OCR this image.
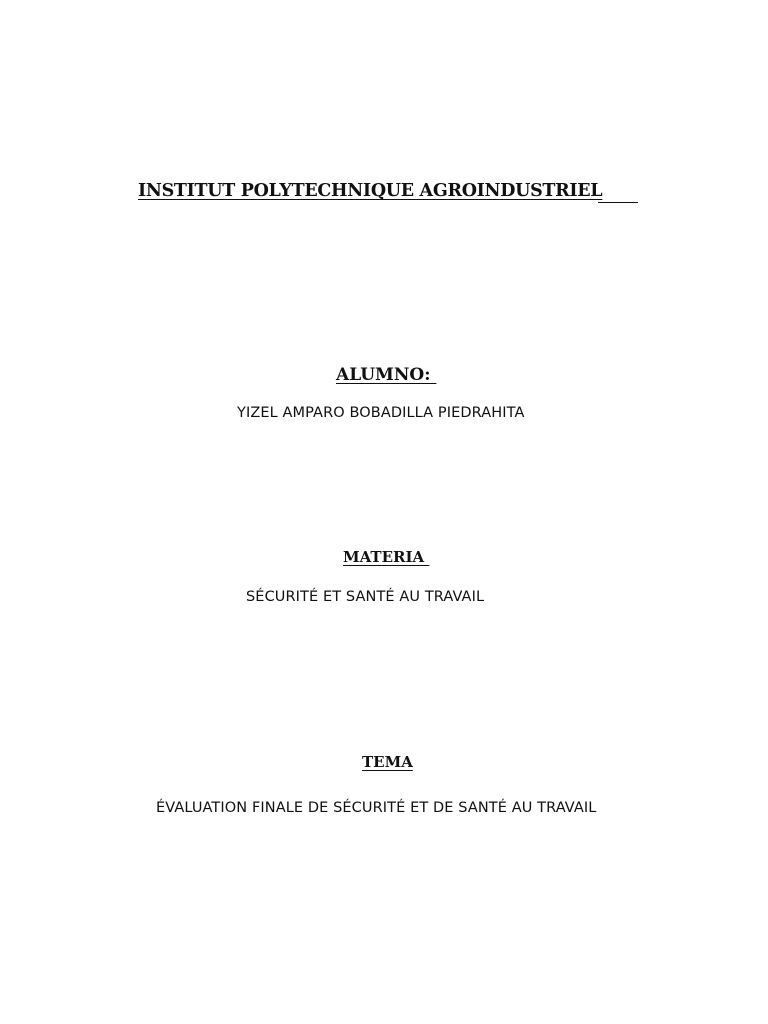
INSTITUT POLYTECHNIQUE AGROINDUSTRIEL
ALUMNO:

YIZEL AMPARO BOBADILLA PIEDRAHITA

MATERIA

SÉCURITÉ ET SANTÉ AU TRAVAIL

TEMA

ÉVALUATION FINALE DE SÉCURITÉ ET DE SANTÉ AU TRAVAIL
